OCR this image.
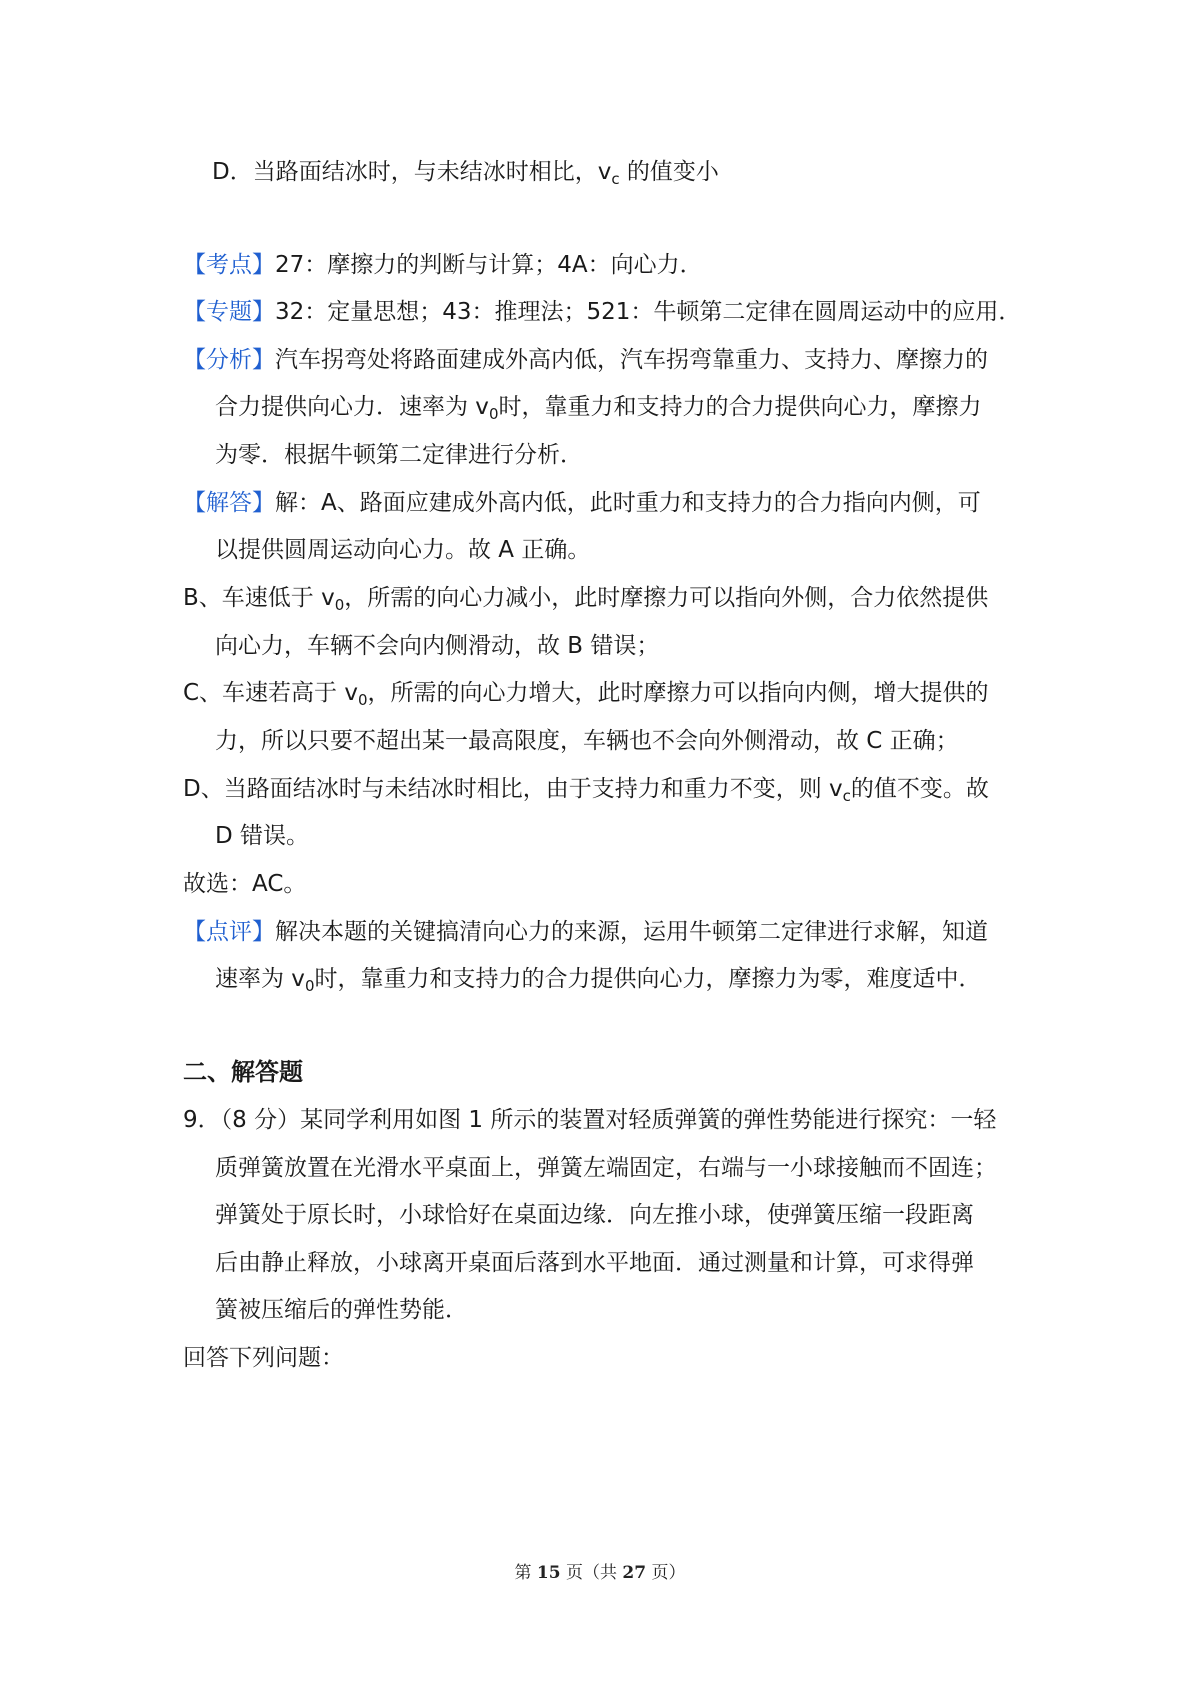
D．当路面结冰时，与未结冰时相比，$v_c$ 的值变小
【考点】27：摩擦力的判断与计算；4A：向心力．
【专题】32：定量思想；43：推理法；521：牛顿第二定律在圆周运动中的应用．
【分析】汽车拐弯处将路面建成外高内低，汽车拐弯靠重力、支持力、摩擦力的
合力提供向心力．速率为 $v_0$时，靠重力和支持力的合力提供向心力，摩擦力
为零．根据牛顿第二定律进行分析．
【解答】解：A、路面应建成外高内低，此时重力和支持力的合力指向内侧，可
以提供圆周运动向心力。故 A 正确。
B、车速低于 $v_0$，所需的向心力减小，此时摩擦力可以指向外侧，合力依然提供
向心力，车辆不会向内侧滑动，故 B 错误；
C、车速若高于 $v_0$，所需的向心力增大，此时摩擦力可以指向内侧，增大提供的
力，所以只要不超出某一最高限度，车辆也不会向外侧滑动，故 C 正确；
D、当路面结冰时与未结冰时相比，由于支持力和重力不变，则 $v_c$的值不变。故
D 错误。
故选：AC。
【点评】解决本题的关键搞清向心力的来源，运用牛顿第二定律进行求解，知道
速率为 $v_0$时，靠重力和支持力的合力提供向心力，摩擦力为零，难度适中．
二、解答题
9．（8 分）某同学利用如图 1 所示的装置对轻质弹簧的弹性势能进行探究：一轻
质弹簧放置在光滑水平桌面上，弹簧左端固定，右端与一小球接触而不固连；
弹簧处于原长时，小球恰好在桌面边缘．向左推小球，使弹簧压缩一段距离
后由静止释放，小球离开桌面后落到水平地面．通过测量和计算，可求得弹
簧被压缩后的弹性势能．
回答下列问题：
第 15 页（共 27 页）
